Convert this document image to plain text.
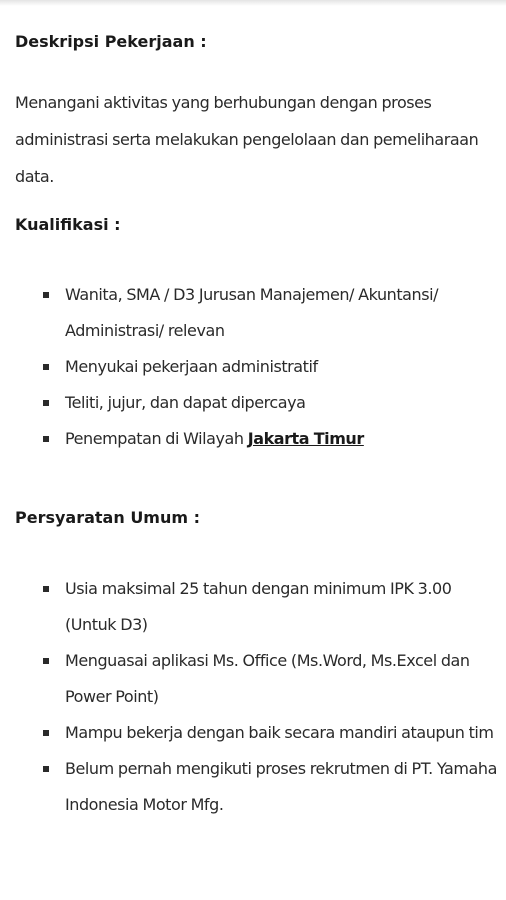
Deskripsi Pekerjaan :

Menangani aktivitas yang berhubungan dengan proses administrasi serta melakukan pengelolaan dan pemeliharaan data.

Kualifikasi :

Wanita, SMA / D3 Jurusan Manajemen/ Akuntansi/ Administrasi/ relevan
Menyukai pekerjaan administratif
Teliti, jujur, dan dapat dipercaya
Penempatan di Wilayah Jakarta Timur

Persyaratan Umum :

Usia maksimal 25 tahun dengan minimum IPK 3.00 (Untuk D3)
Menguasai aplikasi Ms. Office (Ms.Word, Ms.Excel dan Power Point)
Mampu bekerja dengan baik secara mandiri ataupun tim
Belum pernah mengikuti proses rekrutmen di PT. Yamaha Indonesia Motor Mfg.
